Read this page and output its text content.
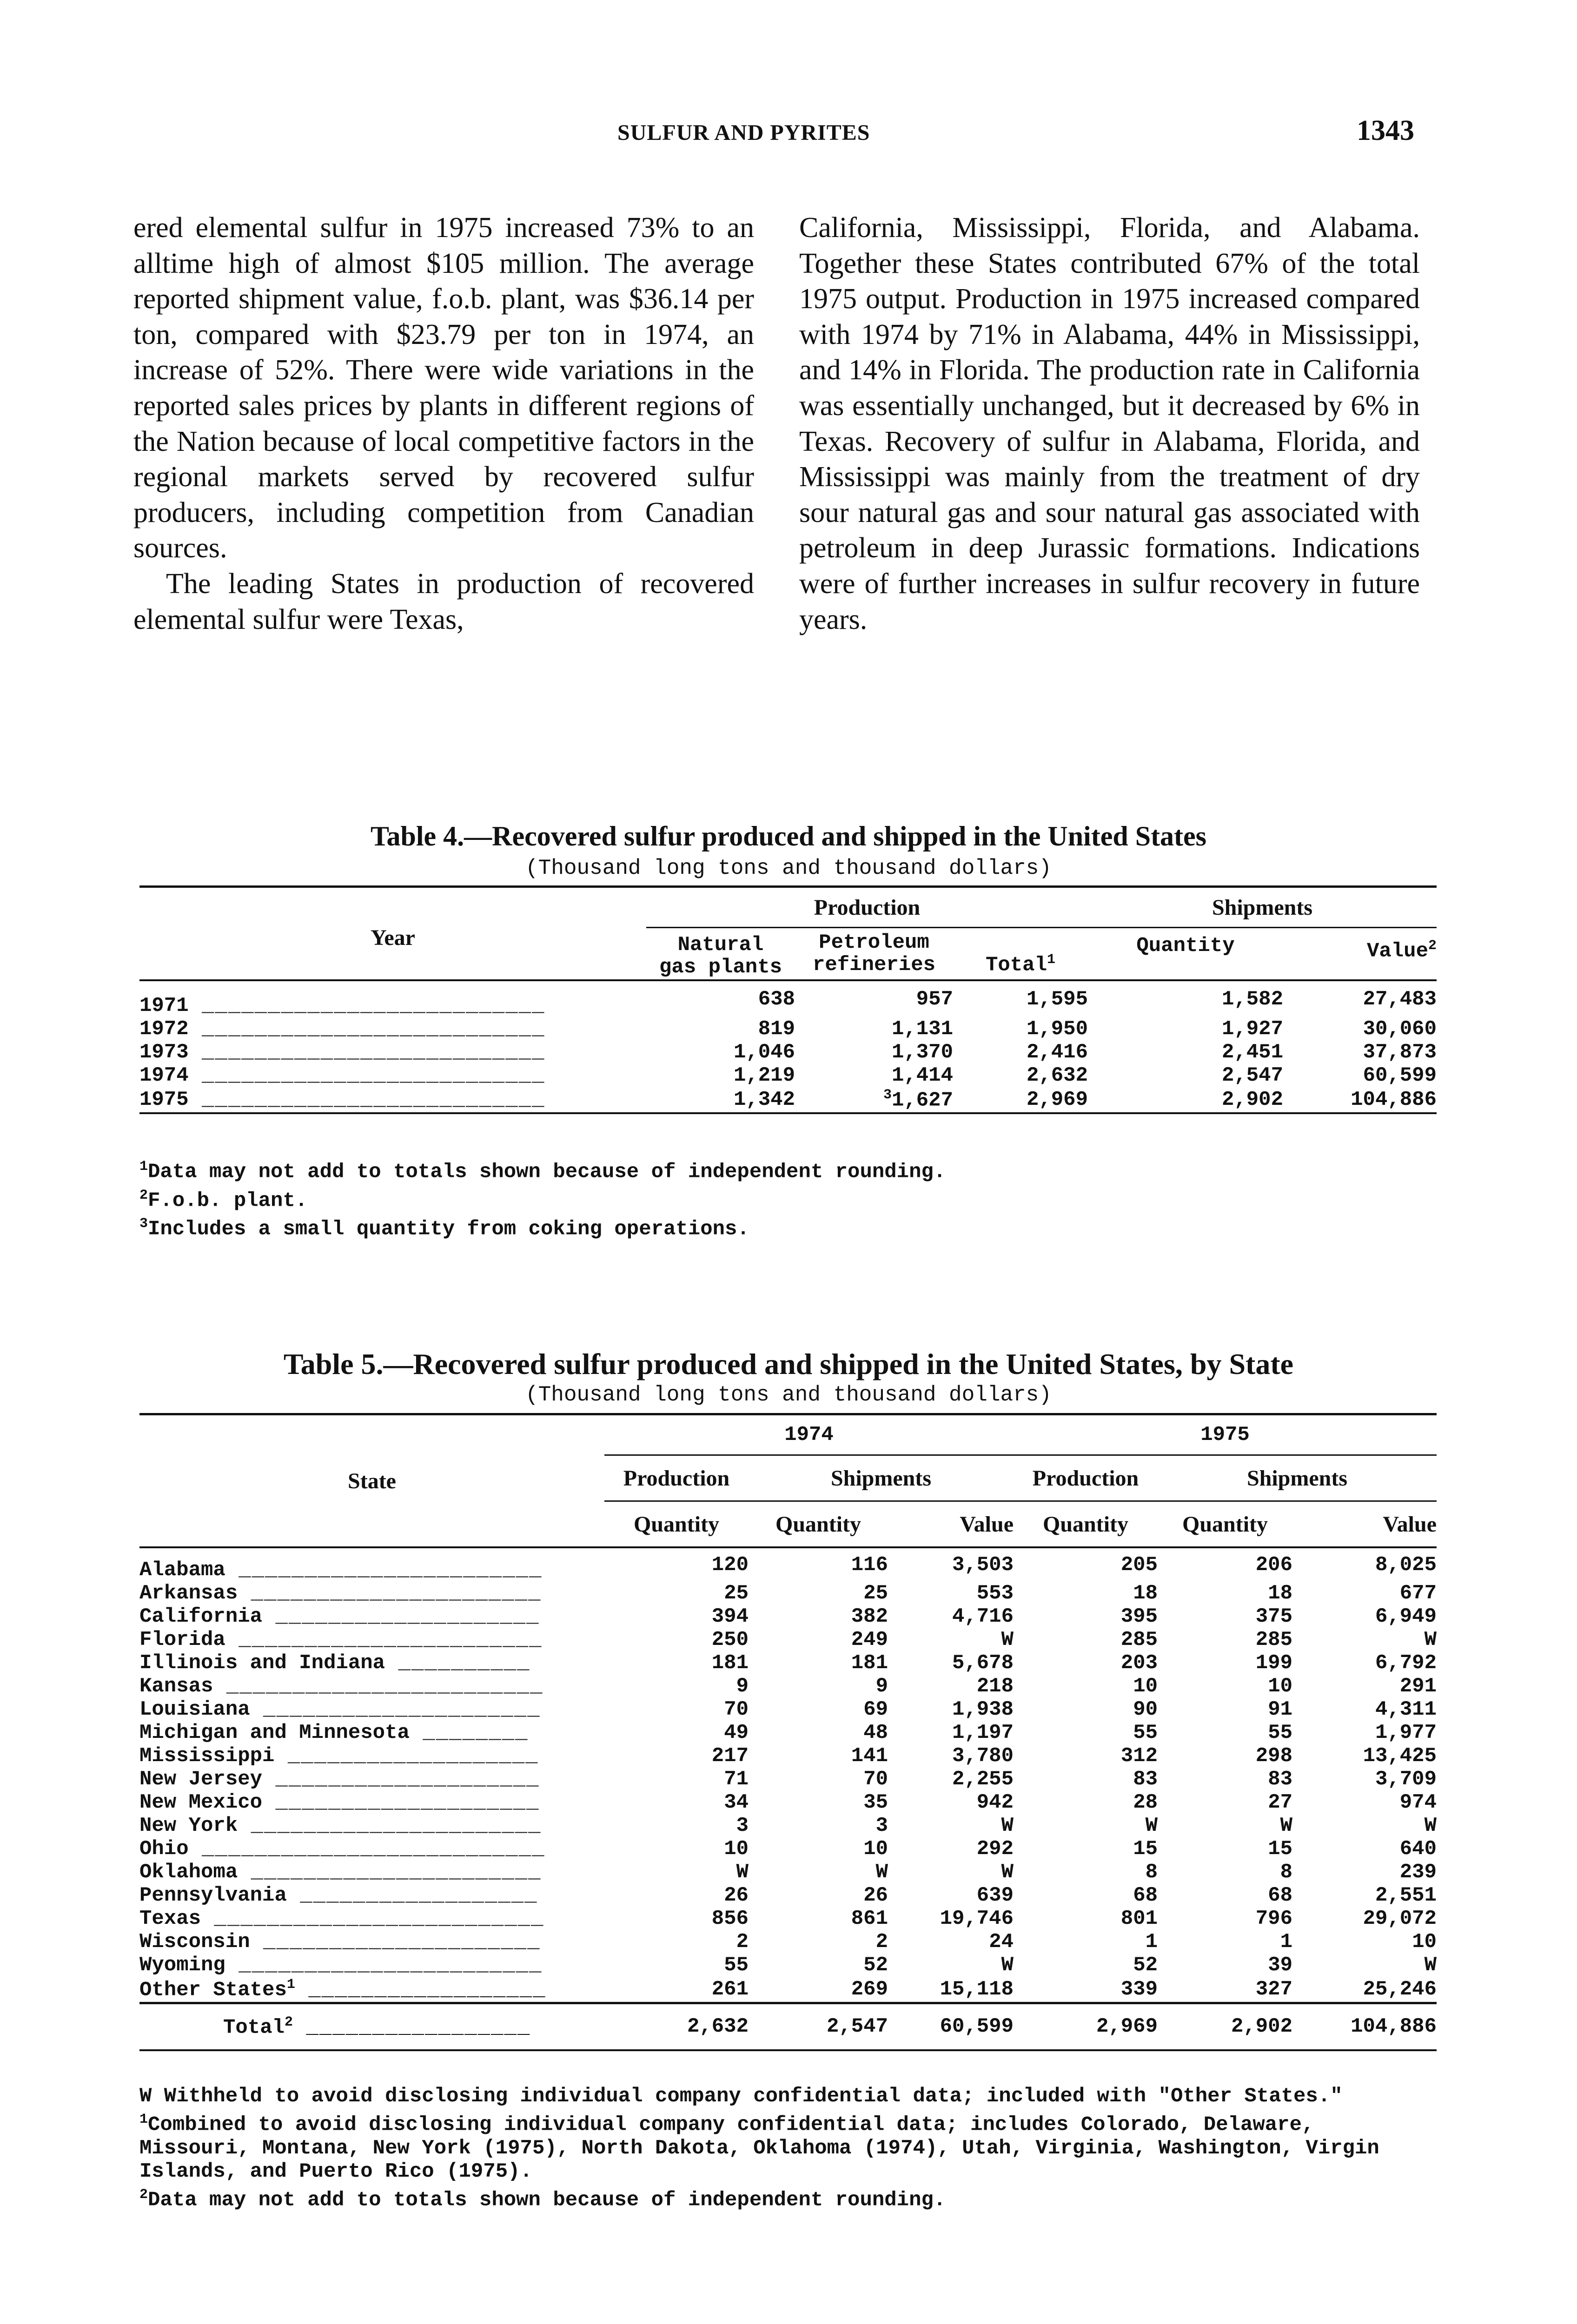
SULFUR AND PYRITES	1343

ered elemental sulfur in 1975 increased 73% to an alltime high of almost $105 million. The average reported shipment value, f.o.b. plant, was $36.14 per ton, compared with $23.79 per ton in 1974, an increase of 52%. There were wide variations in the reported sales prices by plants in different regions of the Nation because of local competitive factors in the regional markets served by recovered sulfur producers, including competition from Canadian sources.

The leading States in production of recovered elemental sulfur were Texas,

California, Mississippi, Florida, and Alabama. Together these States contributed 67% of the total 1975 output. Production in 1975 increased compared with 1974 by 71% in Alabama, 44% in Mississippi, and 14% in Florida. The production rate in California was essentially unchanged, but it decreased by 6% in Texas. Recovery of sulfur in Alabama, Florida, and Mississippi was mainly from the treatment of dry sour natural gas and sour natural gas associated with petroleum in deep Jurassic formations. Indications were of further increases in sulfur recovery in future years.

Table 4.—Recovered sulfur produced and shipped in the United States
(Thousand long tons and thousand dollars)
Year	Production			Shipments	
	Natural
gas plants	Petroleum
refineries	Total$^1$	Quantity	Value$^2$
1971 __________________________	638	957	1,595	1,582	27,483
1972 __________________________	819	1,131	1,950	1,927	30,060
1973 __________________________	1,046	1,370	2,416	2,451	37,873
1974 __________________________	1,219	1,414	2,632	2,547	60,599
1975 __________________________	1,342	$^3$1,627	2,969	2,902	104,886
$^1$Data may not add to totals shown because of independent rounding.
$^2$F.o.b. plant.
$^3$Includes a small quantity from coking operations.
Table 5.—Recovered sulfur produced and shipped in the United States, by State
(Thousand long tons and thousand dollars)
State	1974			1975		
	Production	Shipments		Production	Shipments	
	Quantity	Quantity	Value	Quantity	Quantity	Value
Alabama _______________________	120	116	3,503	205	206	8,025
Arkansas ______________________	25	25	553	18	18	677
California ____________________	394	382	4,716	395	375	6,949
Florida _______________________	250	249	W	285	285	W
Illinois and Indiana __________	181	181	5,678	203	199	6,792
Kansas ________________________	9	9	218	10	10	291
Louisiana _____________________	70	69	1,938	90	91	4,311
Michigan and Minnesota ________	49	48	1,197	55	55	1,977
Mississippi ___________________	217	141	3,780	312	298	13,425
New Jersey ____________________	71	70	2,255	83	83	3,709
New Mexico ____________________	34	35	942	28	27	974
New York ______________________	3	3	W	W	W	W
Ohio __________________________	10	10	292	15	15	640
Oklahoma ______________________	W	W	W	8	8	239
Pennsylvania __________________	26	26	639	68	68	2,551
Texas _________________________	856	861	19,746	801	796	29,072
Wisconsin _____________________	2	2	24	1	1	10
Wyoming _______________________	55	52	W	52	39	W
Other States$^1$ __________________	261	269	15,118	339	327	25,246
Total$^2$ _________________	2,632	2,547	60,599	2,969	2,902	104,886
W Withheld to avoid disclosing individual company confidential data; included with "Other States."
$^1$Combined to avoid disclosing individual company confidential data; includes Colorado, Delaware, Missouri, Montana, New York (1975), North Dakota, Oklahoma (1974), Utah, Virginia, Washington, Virgin Islands, and Puerto Rico (1975).
$^2$Data may not add to totals shown because of independent rounding.
